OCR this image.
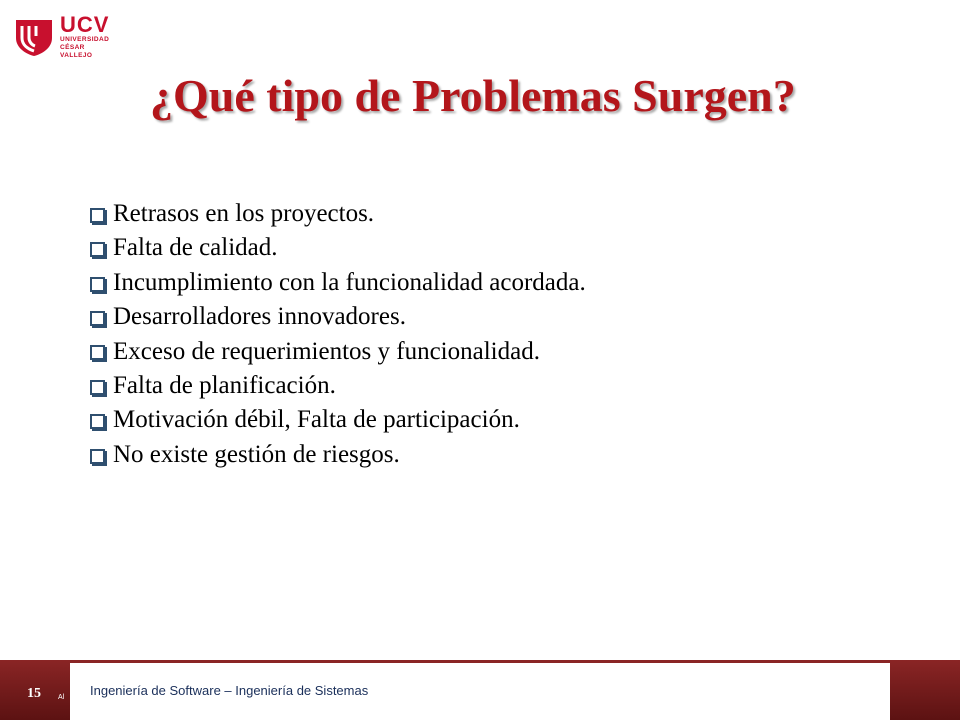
UCV
UNIVERSIDAD
CÉSAR VALLEJO
¿Qué tipo de Problemas Surgen?
Retrasos en los proyectos.
Falta de calidad.
Incumplimiento con la funcionalidad acordada.
Desarrolladores innovadores.
Exceso de requerimientos y funcionalidad.
Falta de planificación.
Motivación débil, Falta de participación.
No existe gestión de riesgos.
15 Al Ingeniería de Software – Ingeniería de Sistemas
